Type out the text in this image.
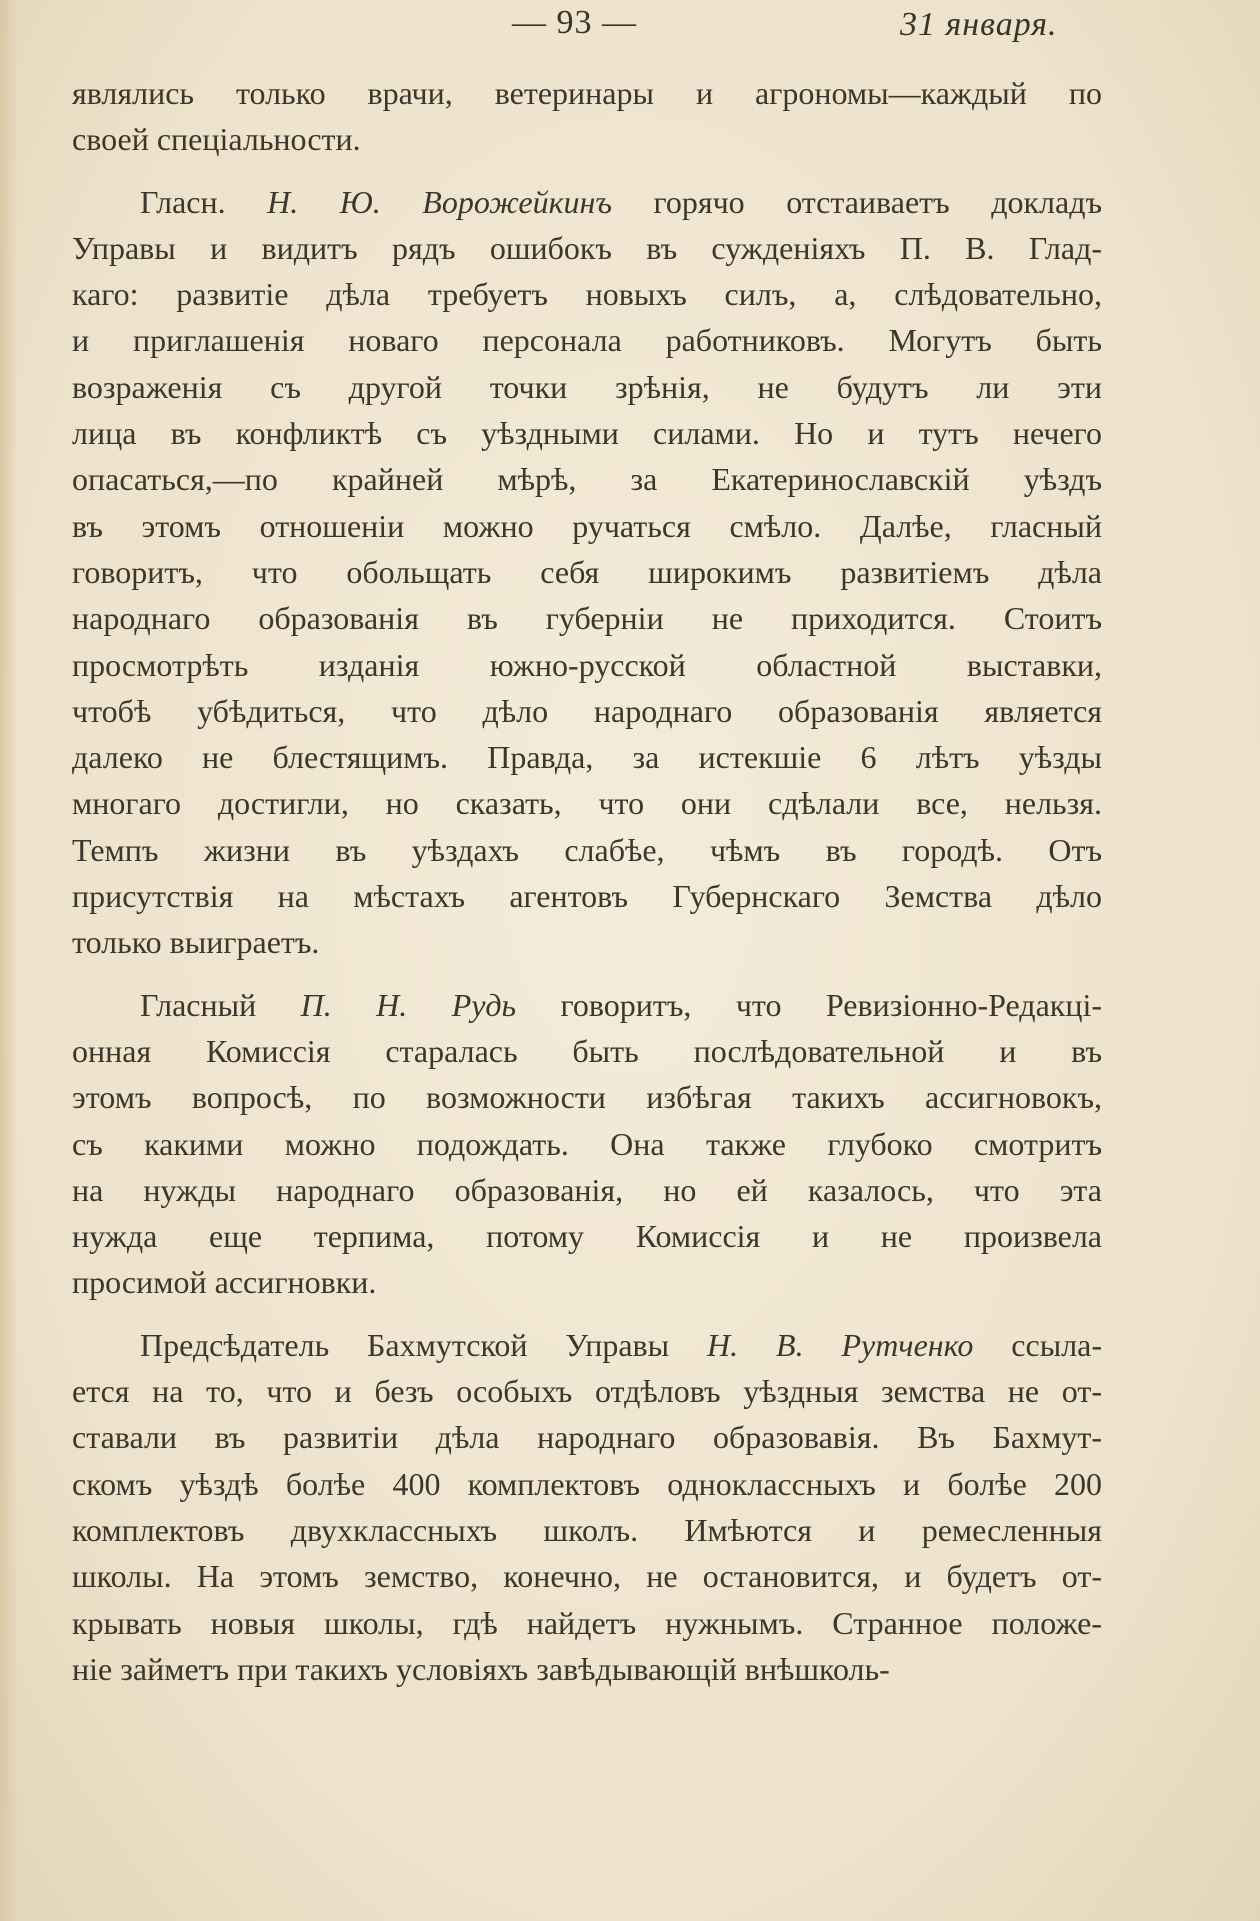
— 93 —	31 января.

являлись только врачи, ветеринары и агрономы—каждый по
своей спеціальности.

Гласн. Н. Ю. Ворожейкинъ горячо отстаиваетъ докладъ
Управы и видитъ рядъ ошибокъ въ сужденіяхъ П. В. Глад-
каго: развитіе дѣла требуетъ новыхъ силъ, а, слѣдовательно,
и приглашенія новаго персонала работниковъ. Могутъ быть
возраженія съ другой точки зрѣнія, не будутъ ли эти
лица въ конфликтѣ съ уѣздными силами. Но и тутъ нечего
опасаться,—по крайней мѣрѣ, за Екатеринославскій уѣздъ
въ этомъ отношеніи можно ручаться смѣло. Далѣе, гласный
говоритъ, что обольщать себя широкимъ развитіемъ дѣла
народнаго образованія въ губерніи не приходится. Стоитъ
просмотрѣть изданія южно-русской областной выставки,
чтобѣ убѣдиться, что дѣло народнаго образованія является
далеко не блестящимъ. Правда, за истекшіе 6 лѣтъ уѣзды
многаго достигли, но сказать, что они сдѣлали все, нельзя.
Темпъ жизни въ уѣздахъ слабѣе, чѣмъ въ городѣ. Отъ
присутствія на мѣстахъ агентовъ Губернскаго Земства дѣло
только выиграетъ.

Гласный П. Н. Рудь говоритъ, что Ревизіонно-Редакці-
онная Комиссія старалась быть послѣдовательной и въ
этомъ вопросѣ, по возможности избѣгая такихъ ассигновокъ,
съ какими можно подождать. Она также глубоко смотритъ
на нужды народнаго образованія, но ей казалось, что эта
нужда еще терпима, потому Комиссія и не произвела
просимой ассигновки.

Предсѣдатель Бахмутской Управы Н. В. Рутченко ссыла-
ется на то, что и безъ особыхъ отдѣловъ уѣздныя земства не от-
ставали въ развитіи дѣла народнаго образовавія. Въ Бахмут-
скомъ уѣздѣ болѣе 400 комплектовъ одноклассныхъ и болѣе 200
комплектовъ двухклассныхъ школъ. Имѣются и ремесленныя
школы. На этомъ земство, конечно, не остановится, и будетъ от-
крывать новыя школы, гдѣ найдетъ нужнымъ. Странное положе-
ніе займетъ при такихъ условіяхъ завѣдывающій внѣшколь-
